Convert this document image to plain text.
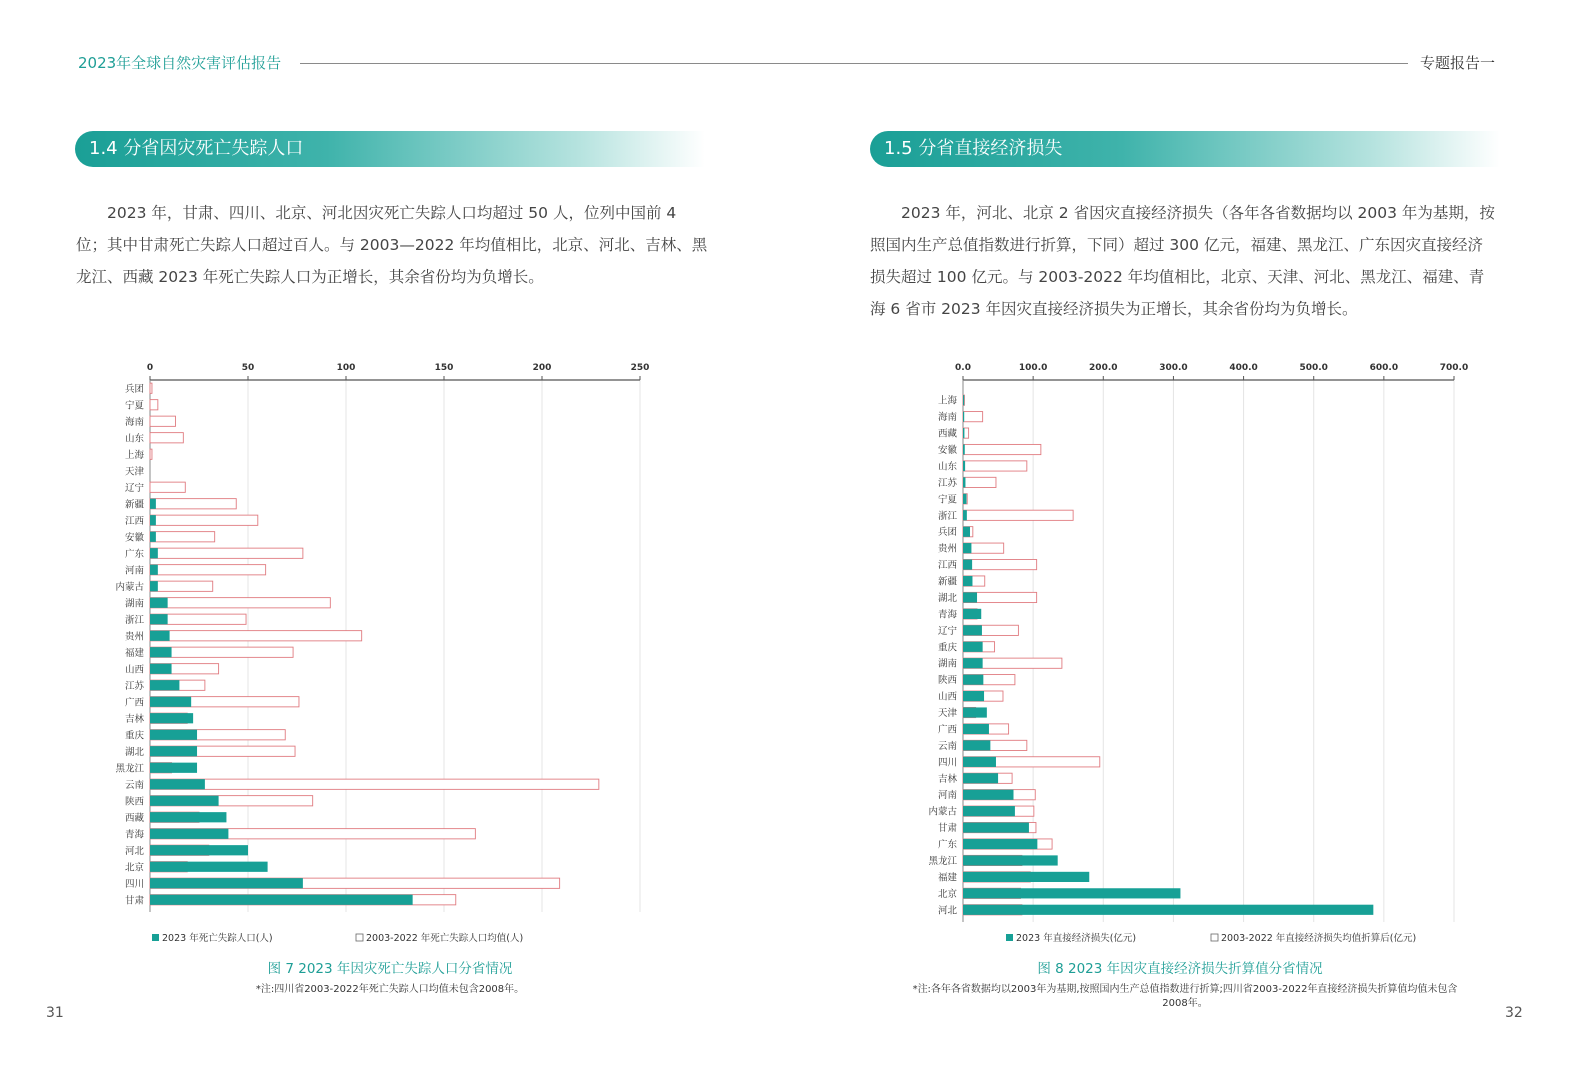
2023年全球自然灾害评估报告	专题报告一
1.4 分省因灾死亡失踪人口	1.5 分省直接经济损失
2023 年，甘肃、四川、北京、河北因灾死亡失踪人口均超过 50 人，位列中国前 4 位；其中甘肃死亡失踪人口超过百人。与 2003—2022 年均值相比，北京、河北、吉林、黑龙江、西藏 2023 年死亡失踪人口为正增长，其余省份均为负增长。
2023 年，河北、北京 2 省因灾直接经济损失（各年各省数据均以 2003 年为基期，按照国内生产总值指数进行折算，下同）超过 300 亿元，福建、黑龙江、广东因灾直接经济损失超过 100 亿元。与 2003-2022 年均值相比，北京、天津、河北、黑龙江、福建、青海 6 省市 2023 年因灾直接经济损失为正增长，其余省份均为负增长。
0	50	100	150	200	250
兵团
宁夏
海南
山东
上海
天津
辽宁
新疆
江西
安徽
广东
河南
内蒙古
湖南
浙江
贵州
福建
山西
江苏
广西
吉林
重庆
湖北
黑龙江
云南
陕西
西藏
青海
河北
北京
四川
甘肃
2023 年死亡失踪人口(人)	2003-2022 年死亡失踪人口均值(人)
0.0	100.0	200.0	300.0	400.0	500.0	600.0	700.0
上海
海南
西藏
安徽
山东
江苏
宁夏
浙江
兵团
贵州
江西
新疆
湖北
青海
辽宁
重庆
湖南
陕西
山西
天津
广西
云南
四川
吉林
河南
内蒙古
甘肃
广东
黑龙江
福建
北京
河北
2023 年直接经济损失(亿元)	2003-2022 年直接经济损失均值折算后(亿元)
图 7 2023 年因灾死亡失踪人口分省情况
*注:四川省2003-2022年死亡失踪人口均值未包含2008年。
图 8 2023 年因灾直接经济损失折算值分省情况
*注:各年各省数据均以2003年为基期,按照国内生产总值指数进行折算;四川省2003-2022年直接经济损失折算值均值未包含2008年。
31	32
